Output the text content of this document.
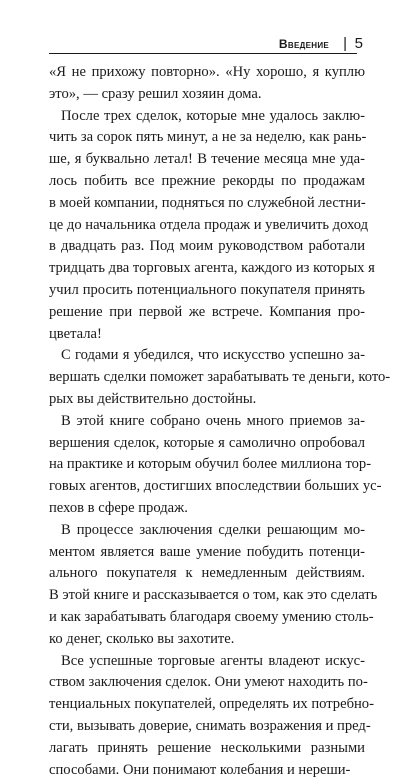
Введение | 5
«Я не прихожу повторно». «Ну хорошо, я куплю
это», — сразу решил хозяин дома.
После трех сделок, которые мне удалось заклю-
чить за сорок пять минут, а не за неделю, как рань-
ше, я буквально летал! В течение месяца мне уда-
лось побить все прежние рекорды по продажам
в моей компании, подняться по служебной лестни-
це до начальника отдела продаж и увеличить доход
в двадцать раз. Под моим руководством работали
тридцать два торговых агента, каждого из которых я
учил просить потенциального покупателя принять
решение при первой же встрече. Компания про-
цветала!
С годами я убедился, что искусство успешно за-
вершать сделки поможет зарабатывать те деньги, кото-
рых вы действительно достойны.
В этой книге собрано очень много приемов за-
вершения сделок, которые я самолично опробовал
на практике и которым обучил более миллиона тор-
говых агентов, достигших впоследствии больших ус-
пехов в сфере продаж.
В процессе заключения сделки решающим мо-
ментом является ваше умение побудить потенци-
ального покупателя к немедленным действиям.
В этой книге и рассказывается о том, как это сделать
и как зарабатывать благодаря своему умению столь-
ко денег, сколько вы захотите.
Все успешные торговые агенты владеют искус-
ством заключения сделок. Они умеют находить по-
тенциальных покупателей, определять их потребно-
сти, вызывать доверие, снимать возражения и пред-
лагать принять решение несколькими разными
способами. Они понимают колебания и нереши-
